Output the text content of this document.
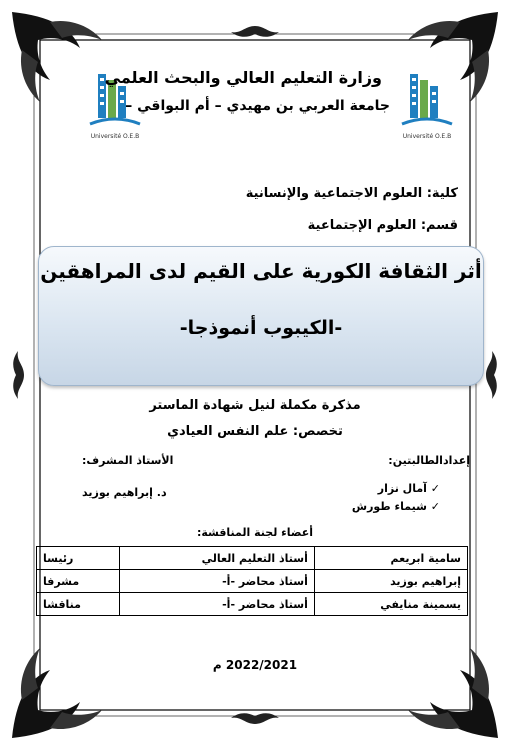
Université O.E.B	Université O.E.B
وزارة التعليم العالي والبحث العلمي
جامعة العربي بن مهيدي – أم البواقي –
كلية: العلوم الاجتماعية والإنسانية
قسم: العلوم الإجتماعية
أثر الثقافة الكورية على القيم لدى المراهقين
-الكيبوب أنموذجا-
مذكرة مكملة لنيل شهادة الماستر
تخصص: علم النفس العيادي
إعدادالطالبتين:
الأستاذ المشرف:
✓ آمال نزار
✓ شيماء طورش
د. إبراهيم بوزيد
أعضاء لجنة المناقشة:
سامية ابريعم	أستاذ التعليم العالي	رئيسا
إبراهيم بوزيد	أستاذ محاضر -أ-	مشرفا
يسمينة منايفي	أستاذ محاضر -أ-	مناقشا
2022/2021 م
